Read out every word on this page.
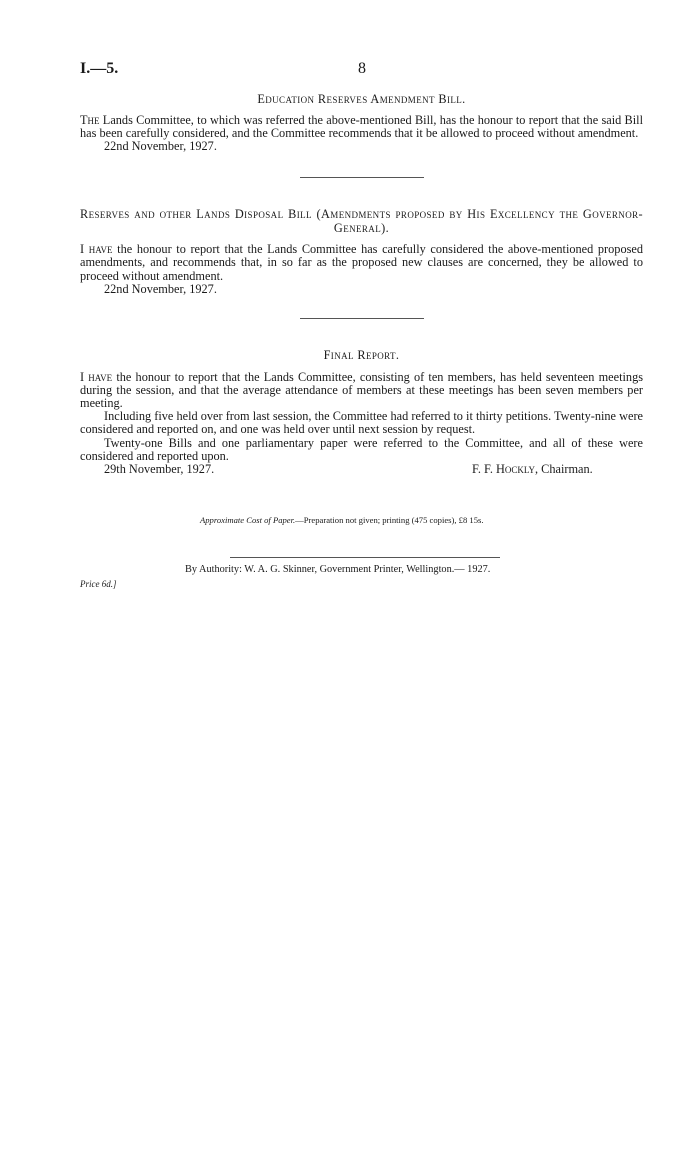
I.—5.	8
Education Reserves Amendment Bill.

The Lands Committee, to which was referred the above-mentioned Bill, has the honour to report that the said Bill has been carefully considered, and the Committee recommends that it be allowed to proceed without amendment.

22nd November, 1927.
Reserves and other Lands Disposal Bill (Amendments proposed by His Excellency the Governor-General).

I have the honour to report that the Lands Committee has carefully considered the above-mentioned proposed amendments, and recommends that, in so far as the proposed new clauses are concerned, they be allowed to proceed without amendment.

22nd November, 1927.
Final Report.

I have the honour to report that the Lands Committee, consisting of ten members, has held seventeen meetings during the session, and that the average attendance of members at these meetings has been seven members per meeting.

Including five held over from last session, the Committee had referred to it thirty petitions. Twenty-nine were considered and reported on, and one was held over until next session by request.

Twenty-one Bills and one parliamentary paper were referred to the Committee, and all of these were considered and reported upon.

29th November, 1927.	F. F. Hockly, Chairman.
Approximate Cost of Paper.—Preparation not given; printing (475 copies), £8 15s.
By Authority: W. A. G. Skinner, Government Printer, Wellington.— 1927.
Price 6d.]
